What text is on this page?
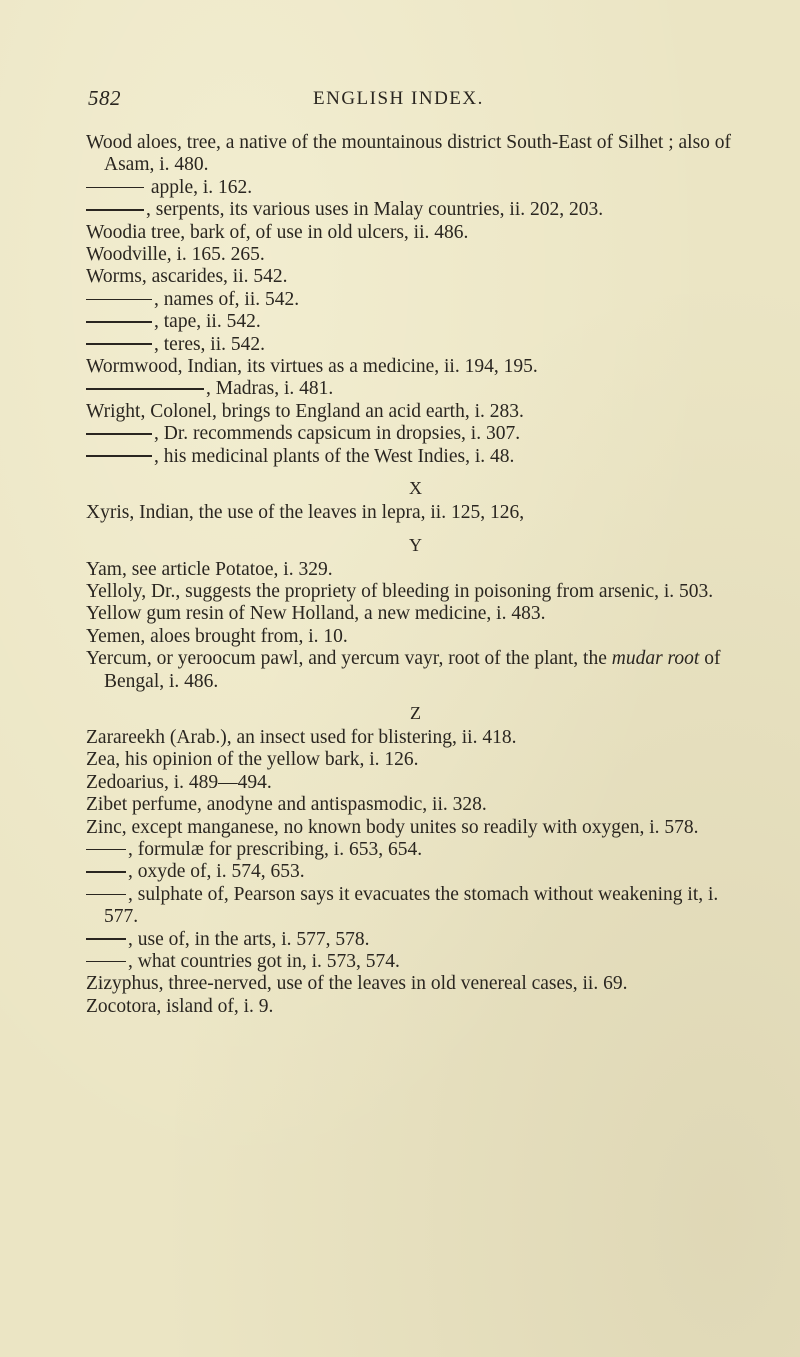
582	ENGLISH INDEX.

Wood aloes, tree, a native of the mountainous district South-East of Silhet ; also of Asam, i. 480.

apple, i. 162.

, serpents, its various uses in Malay countries, ii. 202, 203.

Woodia tree, bark of, of use in old ulcers, ii. 486.

Woodville, i. 165. 265.

Worms, ascarides, ii. 542.

, names of, ii. 542.

, tape, ii. 542.

, teres, ii. 542.

Wormwood, Indian, its virtues as a medicine, ii. 194, 195.

, Madras, i. 481.

Wright, Colonel, brings to England an acid earth, i. 283.

, Dr. recommends capsicum in dropsies, i. 307.

, his medicinal plants of the West Indies, i. 48.

X

Xyris, Indian, the use of the leaves in lepra, ii. 125, 126,

Y

Yam, see article Potatoe, i. 329.

Yelloly, Dr., suggests the propriety of bleeding in poisoning from arsenic, i. 503.

Yellow gum resin of New Holland, a new medicine, i. 483.

Yemen, aloes brought from, i. 10.

Yercum, or yeroocum pawl, and yercum vayr, root of the plant, the mudar root of Bengal, i. 486.

Z

Zarareekh (Arab.), an insect used for blistering, ii. 418.

Zea, his opinion of the yellow bark, i. 126.

Zedoarius, i. 489—494.

Zibet perfume, anodyne and antispasmodic, ii. 328.

Zinc, except manganese, no known body unites so readily with oxygen, i. 578.

, formulæ for prescribing, i. 653, 654.

, oxyde of, i. 574, 653.

, sulphate of, Pearson says it evacuates the stomach without weakening it, i. 577.

, use of, in the arts, i. 577, 578.

, what countries got in, i. 573, 574.

Zizyphus, three-nerved, use of the leaves in old venereal cases, ii. 69.

Zocotora, island of, i. 9.
